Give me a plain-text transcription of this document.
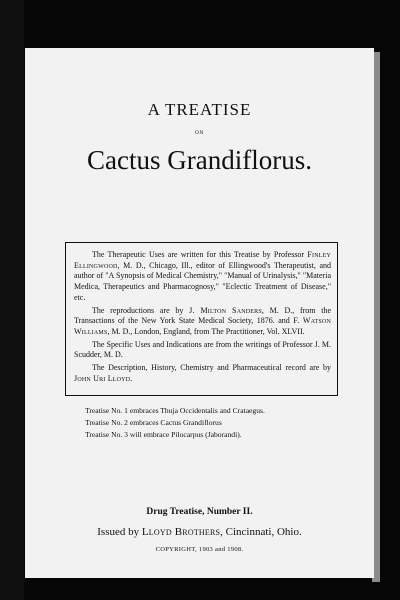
A TREATISE
ON
Cactus Grandiflorus.

The Therapeutic Uses are written for this Treatise by Professor Finley Ellingwood, M. D., Chicago, Ill., editor of Ellingwood's Therapeutist, and author of "A Synopsis of Medical Chemistry," "Manual of Urinalysis," "Materia Medica, Therapeutics and Pharmacognosy," "Eclectic Treatment of Disease," etc.

The reproductions are by J. Milton Sanders, M. D., from the Transactions of the New York State Medical Society, 1876. and F. Watson Williams, M. D., London, England, from The Practitioner, Vol. XLVII.

The Specific Uses and Indications are from the writings of Professor J. M. Scudder, M. D.

The Description, History, Chemistry and Pharmaceutical record are by John Uri Lloyd.

Treatise No. 1 embraces Thuja Occidentalis and Crataegus.
Treatise No. 2 embraces Cactus Grandiflorus
Treatise No. 3 will embrace Pilocarpus (Jaborandi).
Drug Treatise, Number II.
Issued by Lloyd Brothers, Cincinnati, Ohio.
COPYRIGHT, 1903 and 1908.
